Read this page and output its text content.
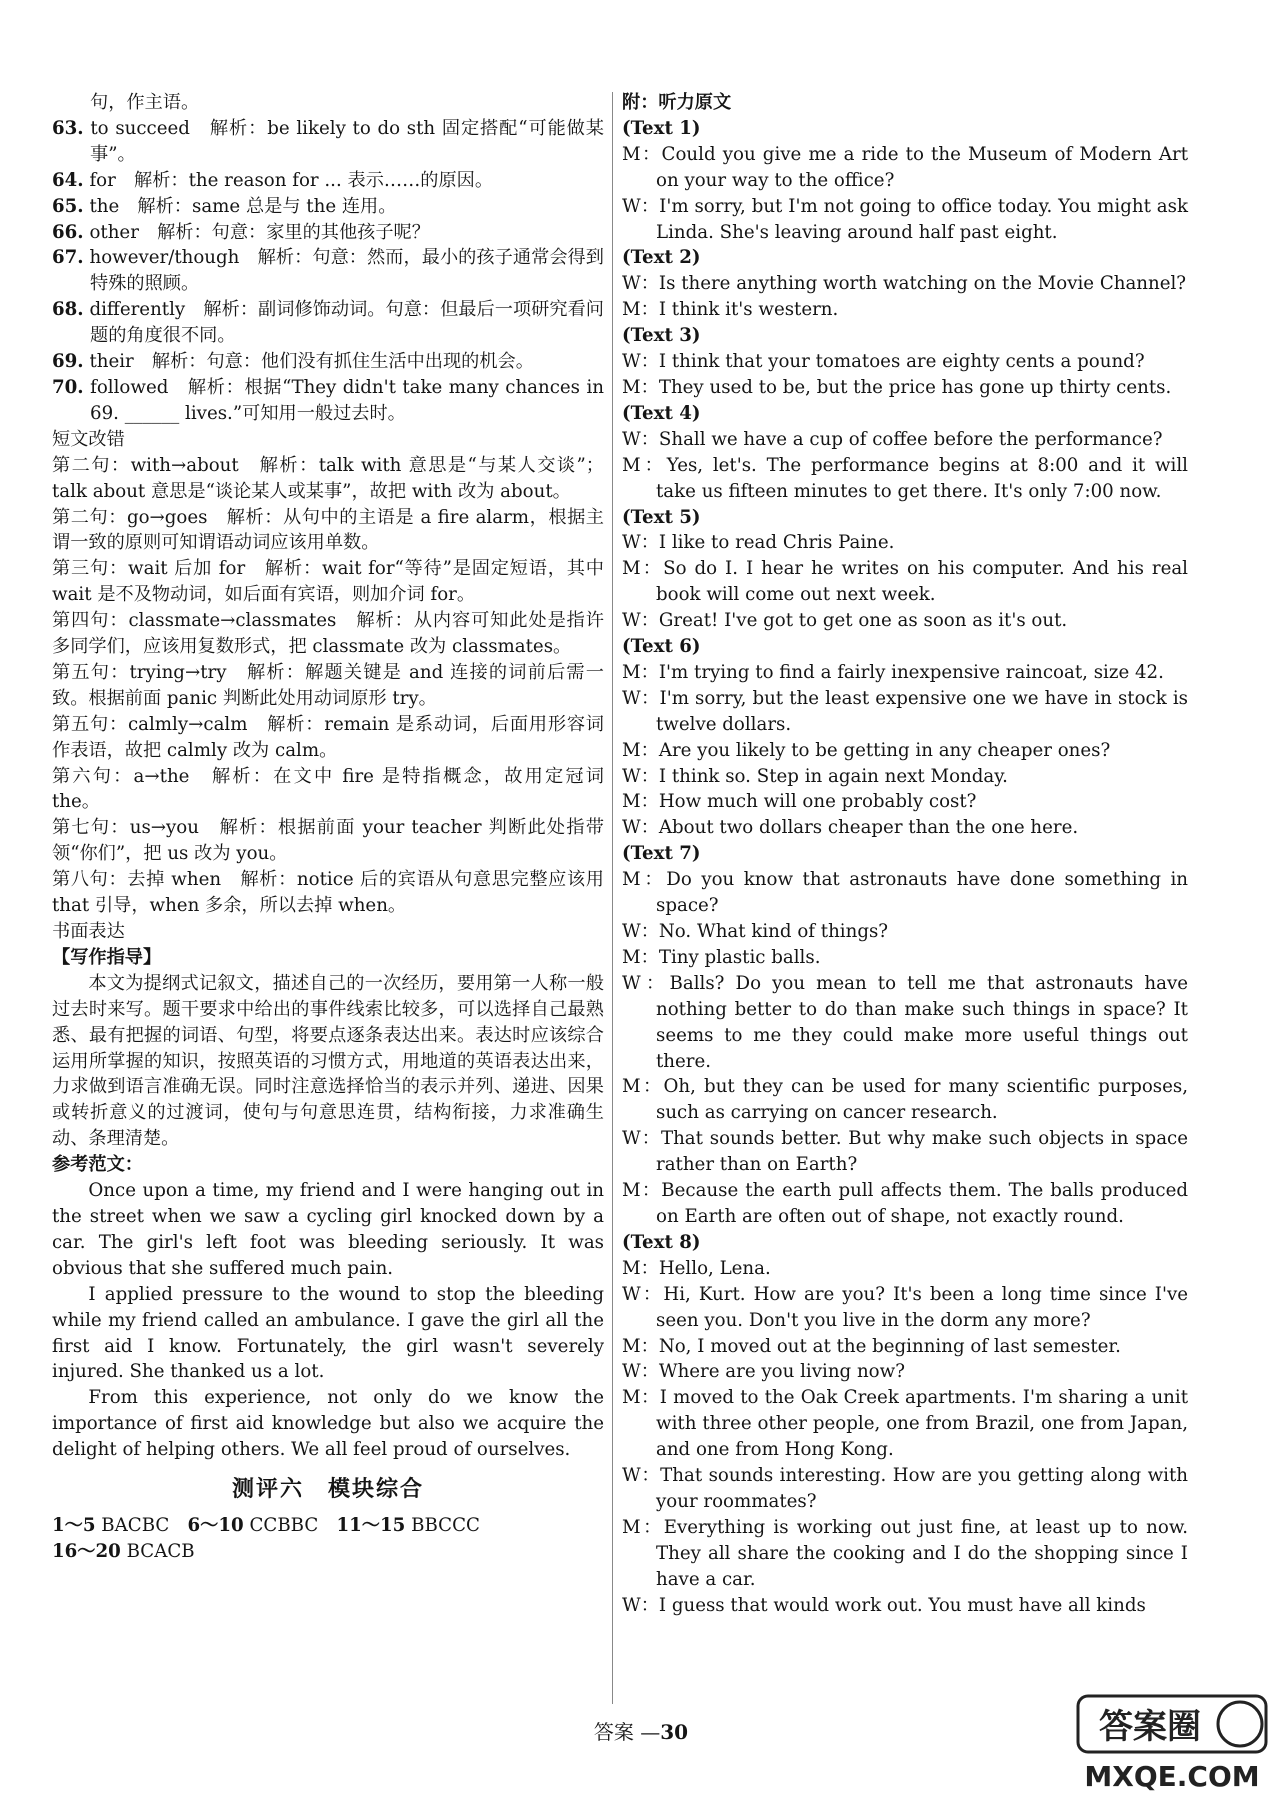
句，作主语。
63. to succeed　解析：be likely to do sth 固定搭配“可能做某事”。
64. for　解析：the reason for ... 表示……的原因。
65. the　解析：same 总是与 the 连用。
66. other　解析：句意：家里的其他孩子呢？
67. however/though　解析：句意：然而，最小的孩子通常会得到特殊的照顾。
68. differently　解析：副词修饰动词。句意：但最后一项研究看问题的角度很不同。
69. their　解析：句意：他们没有抓住生活中出现的机会。
70. followed　解析：根据“They didn't take many chances in 69. ______ lives.”可知用一般过去时。
短文改错
第二句：with→about　解析：talk with 意思是“与某人交谈”；talk about 意思是“谈论某人或某事”，故把 with 改为 about。
第二句：go→goes　解析：从句中的主语是 a fire alarm，根据主谓一致的原则可知谓语动词应该用单数。
第三句：wait 后加 for　解析：wait for“等待”是固定短语，其中 wait 是不及物动词，如后面有宾语，则加介词 for。
第四句：classmate→classmates　解析：从内容可知此处是指许多同学们，应该用复数形式，把 classmate 改为 classmates。
第五句：trying→try　解析：解题关键是 and 连接的词前后需一致。根据前面 panic 判断此处用动词原形 try。
第五句：calmly→calm　解析：remain 是系动词，后面用形容词作表语，故把 calmly 改为 calm。
第六句：a→the　解析：在文中 fire 是特指概念，故用定冠词 the。
第七句：us→you　解析：根据前面 your teacher 判断此处指带领“你们”，把 us 改为 you。
第八句：去掉 when　解析：notice 后的宾语从句意思完整应该用 that 引导，when 多余，所以去掉 when。
书面表达
【写作指导】
本文为提纲式记叙文，描述自己的一次经历，要用第一人称一般过去时来写。题干要求中给出的事件线索比较多，可以选择自己最熟悉、最有把握的词语、句型，将要点逐条表达出来。表达时应该综合运用所掌握的知识，按照英语的习惯方式，用地道的英语表达出来，力求做到语言准确无误。同时注意选择恰当的表示并列、递进、因果或转折意义的过渡词，使句与句意思连贯，结构衔接，力求准确生动、条理清楚。
参考范文：
Once upon a time, my friend and I were hanging out in the street when we saw a cycling girl knocked down by a car. The girl's left foot was bleeding seriously. It was obvious that she suffered much pain.
I applied pressure to the wound to stop the bleeding while my friend called an ambulance. I gave the girl all the first aid I know. Fortunately, the girl wasn't severely injured. She thanked us a lot.
From this experience, not only do we know the importance of first aid knowledge but also we acquire the delight of helping others. We all feel proud of ourselves.
测评六　模块综合
1～5 BACBC  6～10 CCBBC  11～15 BBCCC
16～20 BCACB
附：听力原文
(Text 1)
M：Could you give me a ride to the Museum of Modern Art on your way to the office?
W：I'm sorry, but I'm not going to office today. You might ask Linda. She's leaving around half past eight.
(Text 2)
W：Is there anything worth watching on the Movie Channel?
M：I think it's western.
(Text 3)
W：I think that your tomatoes are eighty cents a pound?
M：They used to be, but the price has gone up thirty cents.
(Text 4)
W：Shall we have a cup of coffee before the performance?
M：Yes, let's. The performance begins at 8:00 and it will take us fifteen minutes to get there. It's only 7:00 now.
(Text 5)
W：I like to read Chris Paine.
M：So do I. I hear he writes on his computer. And his real book will come out next week.
W：Great! I've got to get one as soon as it's out.
(Text 6)
M：I'm trying to find a fairly inexpensive raincoat, size 42.
W：I'm sorry, but the least expensive one we have in stock is twelve dollars.
M：Are you likely to be getting in any cheaper ones?
W：I think so. Step in again next Monday.
M：How much will one probably cost?
W：About two dollars cheaper than the one here.
(Text 7)
M：Do you know that astronauts have done something in space?
W：No. What kind of things?
M：Tiny plastic balls.
W：Balls? Do you mean to tell me that astronauts have nothing better to do than make such things in space? It seems to me they could make more useful things out there.
M：Oh, but they can be used for many scientific purposes, such as carrying on cancer research.
W：That sounds better. But why make such objects in space rather than on Earth?
M：Because the earth pull affects them. The balls produced on Earth are often out of shape, not exactly round.
(Text 8)
M：Hello, Lena.
W：Hi, Kurt. How are you? It's been a long time since I've seen you. Don't you live in the dorm any more?
M：No, I moved out at the beginning of last semester.
W：Where are you living now?
M：I moved to the Oak Creek apartments. I'm sharing a unit with three other people, one from Brazil, one from Japan, and one from Hong Kong.
W：That sounds interesting. How are you getting along with your roommates?
M：Everything is working out just fine, at least up to now. They all share the cooking and I do the shopping since I have a car.
W：I guess that would work out. You must have all kinds
答案 —30	答案圈
MXQE.COM
